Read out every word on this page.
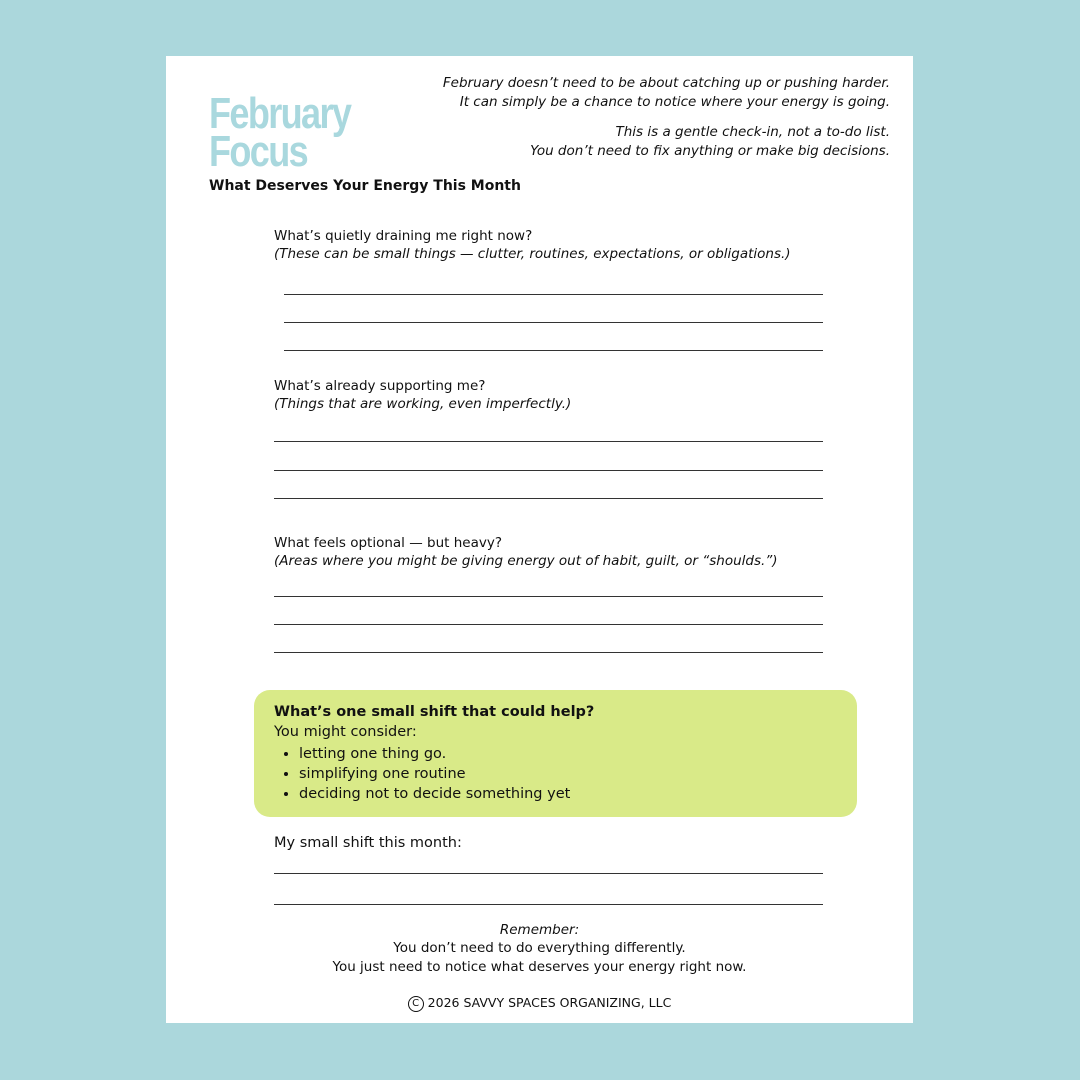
February
Focus
What Deserves Your Energy This Month
February doesn’t need to be about catching up or pushing harder.
It can simply be a chance to notice where your energy is going.
This is a gentle check-in, not a to-do list.
You don’t need to fix anything or make big decisions.
What’s quietly draining me right now?
(These can be small things — clutter, routines, expectations, or obligations.)
What’s already supporting me?
(Things that are working, even imperfectly.)
What feels optional — but heavy?
(Areas where you might be giving energy out of habit, guilt, or “shoulds.”)
What’s one small shift that could help?
You might consider:
• letting one thing go.
• simplifying one routine
• deciding not to decide something yet
My small shift this month:
Remember:
You don’t need to do everything differently.
You just need to notice what deserves your energy right now.
C 2026 SAVVY SPACES ORGANIZING, LLC
